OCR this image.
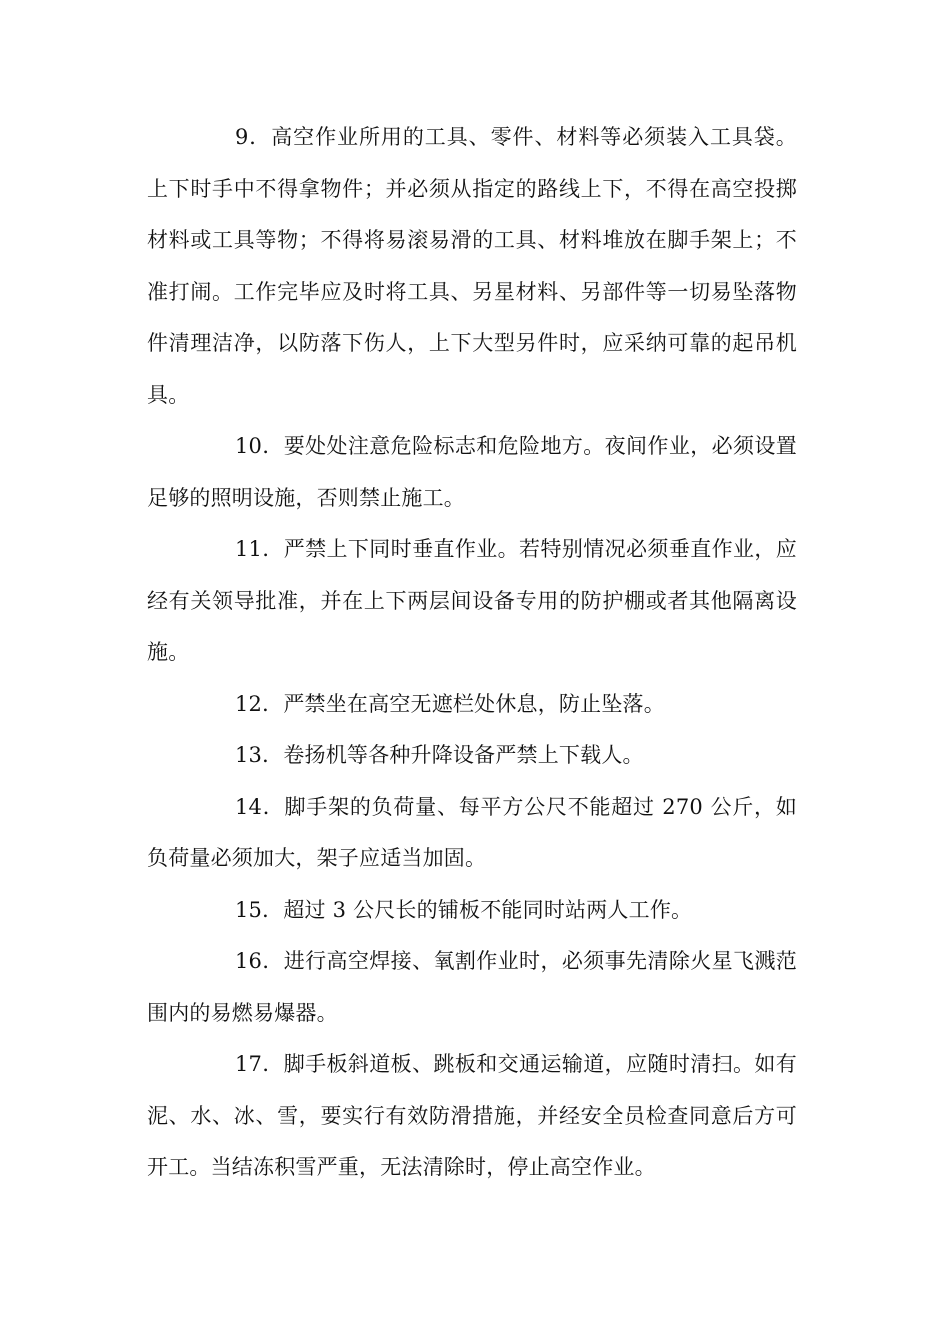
9．高空作业所用的工具、零件、材料等必须装入工具袋。上下时手中不得拿物件；并必须从指定的路线上下，不得在高空投掷材料或工具等物；不得将易滚易滑的工具、材料堆放在脚手架上；不准打闹。工作完毕应及时将工具、另星材料、另部件等一切易坠落物件清理洁净，以防落下伤人，上下大型另件时，应采纳可靠的起吊机具。

10．要处处注意危险标志和危险地方。夜间作业，必须设置足够的照明设施，否则禁止施工。

11．严禁上下同时垂直作业。若特别情况必须垂直作业，应经有关领导批准，并在上下两层间设备专用的防护棚或者其他隔离设施。

12．严禁坐在高空无遮栏处休息，防止坠落。

13．卷扬机等各种升降设备严禁上下载人。

14．脚手架的负荷量、每平方公尺不能超过 270 公斤，如负荷量必须加大，架子应适当加固。

15．超过 3 公尺长的铺板不能同时站两人工作。

16．进行高空焊接、氧割作业时，必须事先清除火星飞溅范围内的易燃易爆器。

17．脚手板斜道板、跳板和交通运输道，应随时清扫。如有泥、水、冰、雪，要实行有效防滑措施，并经安全员检查同意后方可开工。当结冻积雪严重，无法清除时，停止高空作业。
